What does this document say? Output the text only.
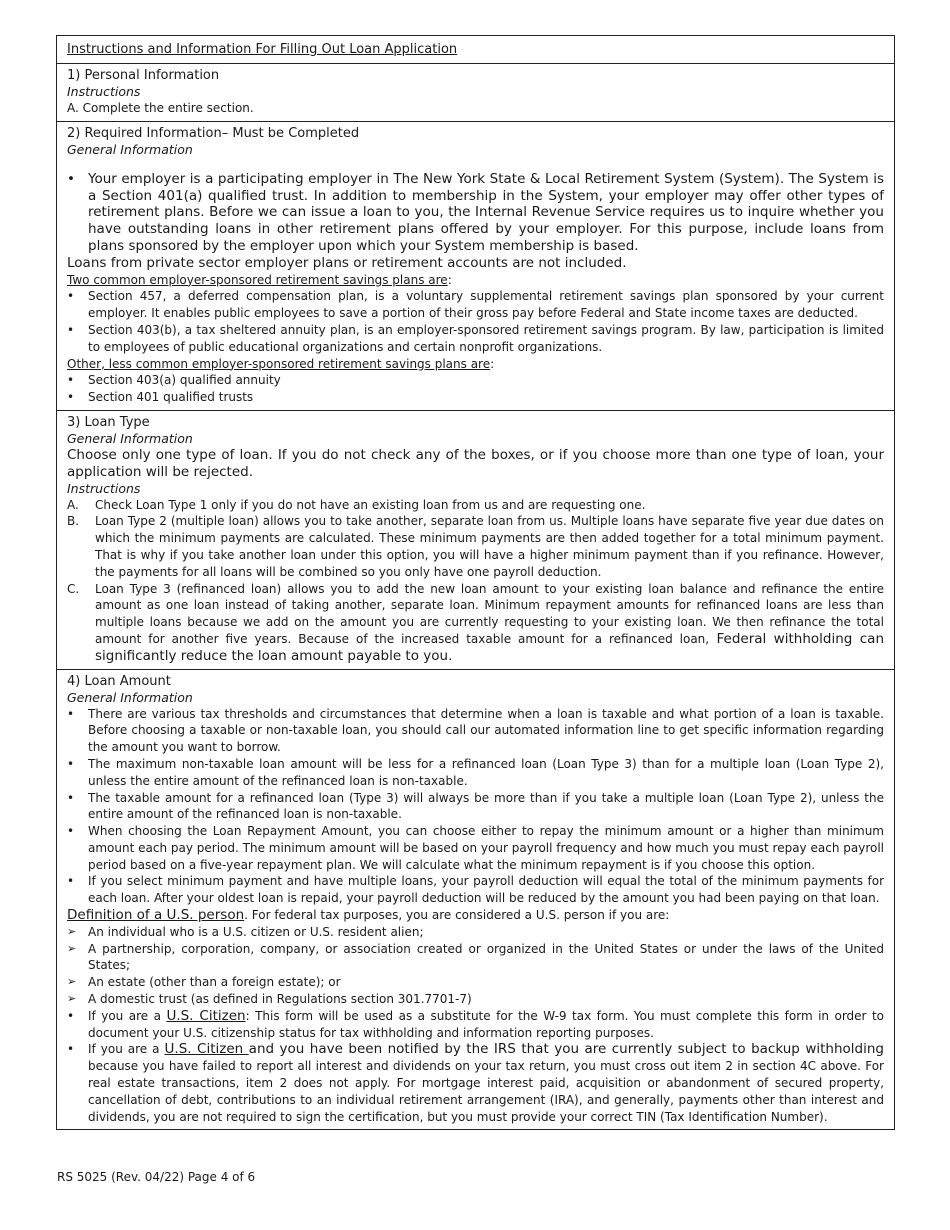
Instructions and Information For Filling Out Loan Application
1) Personal Information
Instructions
A. Complete the entire section.
2) Required Information– Must be Completed
General Information
• Your employer is a participating employer in The New York State & Local Retirement System (System). The System is a Section 401(a) qualified trust. In addition to membership in the System, your employer may offer other types of retirement plans. Before we can issue a loan to you, the Internal Revenue Service requires us to inquire whether you have outstanding loans in other retirement plans offered by your employer. For this purpose, include loans from plans sponsored by the employer upon which your System membership is based.
Loans from private sector employer plans or retirement accounts are not included.
Two common employer-sponsored retirement savings plans are:
• Section 457, a deferred compensation plan, is a voluntary supplemental retirement savings plan sponsored by your current employer. It enables public employees to save a portion of their gross pay before Federal and State income taxes are deducted.
• Section 403(b), a tax sheltered annuity plan, is an employer-sponsored retirement savings program. By law, participation is limited to employees of public educational organizations and certain nonprofit organizations.
Other, less common employer-sponsored retirement savings plans are:
• Section 403(a) qualified annuity
• Section 401 qualified trusts
3) Loan Type
General Information
Choose only one type of loan. If you do not check any of the boxes, or if you choose more than one type of loan, your application will be rejected.
Instructions
A. Check Loan Type 1 only if you do not have an existing loan from us and are requesting one.
B. Loan Type 2 (multiple loan) allows you to take another, separate loan from us. Multiple loans have separate five year due dates on which the minimum payments are calculated. These minimum payments are then added together for a total minimum payment. That is why if you take another loan under this option, you will have a higher minimum payment than if you refinance. However, the payments for all loans will be combined so you only have one payroll deduction.
C. Loan Type 3 (refinanced loan) allows you to add the new loan amount to your existing loan balance and refinance the entire amount as one loan instead of taking another, separate loan. Minimum repayment amounts for refinanced loans are less than multiple loans because we add on the amount you are currently requesting to your existing loan. We then refinance the total amount for another five years. Because of the increased taxable amount for a refinanced loan, Federal withholding can significantly reduce the loan amount payable to you.
4) Loan Amount
General Information
• There are various tax thresholds and circumstances that determine when a loan is taxable and what portion of a loan is taxable. Before choosing a taxable or non-taxable loan, you should call our automated information line to get specific information regarding the amount you want to borrow.
• The maximum non-taxable loan amount will be less for a refinanced loan (Loan Type 3) than for a multiple loan (Loan Type 2), unless the entire amount of the refinanced loan is non-taxable.
• The taxable amount for a refinanced loan (Type 3) will always be more than if you take a multiple loan (Loan Type 2), unless the entire amount of the refinanced loan is non-taxable.
• When choosing the Loan Repayment Amount, you can choose either to repay the minimum amount or a higher than minimum amount each pay period. The minimum amount will be based on your payroll frequency and how much you must repay each payroll period based on a five-year repayment plan. We will calculate what the minimum repayment is if you choose this option.
• If you select minimum payment and have multiple loans, your payroll deduction will equal the total of the minimum payments for each loan. After your oldest loan is repaid, your payroll deduction will be reduced by the amount you had been paying on that loan.
Definition of a U.S. person. For federal tax purposes, you are considered a U.S. person if you are:
➢ An individual who is a U.S. citizen or U.S. resident alien;
➢ A partnership, corporation, company, or association created or organized in the United States or under the laws of the United States;
➢ An estate (other than a foreign estate); or
➢ A domestic trust (as defined in Regulations section 301.7701-7)
• If you are a U.S. Citizen: This form will be used as a substitute for the W-9 tax form. You must complete this form in order to document your U.S. citizenship status for tax withholding and information reporting purposes.
• If you are a U.S. Citizen and you have been notified by the IRS that you are currently subject to backup withholding because you have failed to report all interest and dividends on your tax return, you must cross out item 2 in section 4C above. For real estate transactions, item 2 does not apply. For mortgage interest paid, acquisition or abandonment of secured property, cancellation of debt, contributions to an individual retirement arrangement (IRA), and generally, payments other than interest and dividends, you are not required to sign the certification, but you must provide your correct TIN (Tax Identification Number).
RS 5025 (Rev. 04/22) Page 4 of 6
